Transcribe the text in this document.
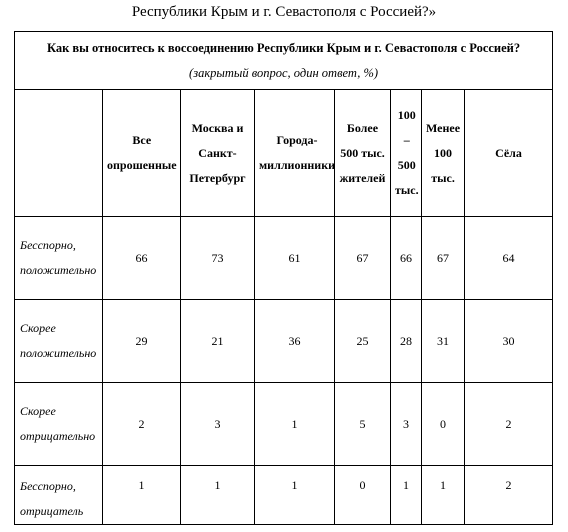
Республики Крым и г. Севастополя с Россией?»
Как вы относитесь к воссоединению Республики Крым и г. Севастополя с Россией? (закрытый вопрос, один ответ, %)							
	Все опрошенные	Москва и Санкт-Петербург	Города-миллионники	Более 500 тыс. жителей	100 – 500 тыс.	Менее 100 тыс.	Сёла
Бесспорно, положительно	66	73	61	67	66	67	64
Скорее положительно	29	21	36	25	28	31	30
Скорее отрицательно	2	3	1	5	3	0	2
Бесспорно, отрицатель	1	1	1	0	1	1	2
